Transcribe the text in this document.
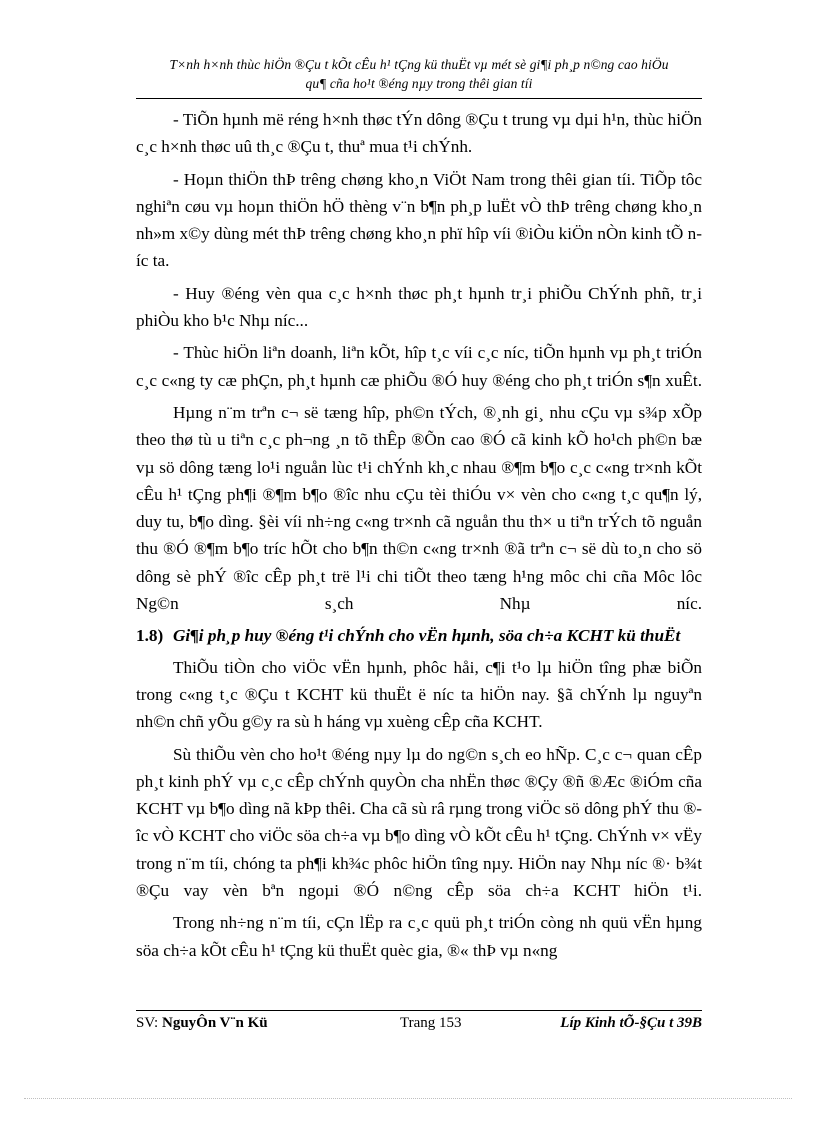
T×nh h×nh thùc hiÖn ®Çu t kÕt cÊu h¹ tÇng kü thuËt vµ mét sè gi¶i ph¸p n©ng cao hiÖu
qu¶ cña ho¹t ®éng nµy trong thêi gian tíi

- TiÕn hµnh më réng h×nh thøc tÝn dông ®Çu t trung vµ dµi h¹n, thùc hiÖn c¸c h×nh thøc uû th¸c ®Çu t, thuª mua t¹i chÝnh.

- Hoµn thiÖn thÞ trêng chøng kho¸n ViÖt Nam trong thêi gian tíi. TiÕp tôc nghiªn cøu vµ hoµn thiÖn hÖ thèng v¨n b¶n ph¸p luËt vÒ thÞ trêng chøng kho¸n nh»m x©y dùng mét thÞ trêng chøng kho¸n phï hîp víi ®iÒu kiÖn nÒn kinh tÕ níc ta.

- Huy ®éng vèn qua c¸c h×nh thøc ph¸t hµnh tr¸i phiÕu ChÝnh phñ, tr¸i phiÒu kho b¹c Nhµ níc...

- Thùc hiÖn liªn doanh, liªn kÕt, hîp t¸c víi c¸c níc, tiÕn hµnh vµ ph¸t triÓn c¸c c«ng ty cæ phÇn, ph¸t hµnh cæ phiÕu ®Ó huy ®éng cho ph¸t triÓn s¶n xuÊt.

Hµng n¨m trªn c¬ së tæng hîp, ph©n tÝch, ®¸nh gi¸ nhu cÇu vµ s¾p xÕp theo thø tù u tiªn c¸c ph¬ng ¸n tõ thÊp ®Õn cao ®Ó cã kinh kÕ ho¹ch ph©n bæ vµ sö dông tæng lo¹i nguån lùc t¹i chÝnh kh¸c nhau ®¶m b¶o c¸c c«ng tr×nh kÕt cÊu h¹ tÇng ph¶i ®¶m b¶o ®îc nhu cÇu tèi thiÓu v× vèn cho c«ng t¸c qu¶n lý, duy tu, b¶o dìng. §èi víi nh÷ng c«ng tr×nh cã nguån thu th× u tiªn trÝch tõ nguån thu ®Ó ®¶m b¶o tríc hÕt cho b¶n th©n c«ng tr×nh ®ã trªn c¬ së dù to¸n cho sö dông sè phÝ ®îc cÊp ph¸t trë l¹i chi tiÕt theo tæng h¹ng môc chi cña Môc lôc Ng©n s¸ch Nhµ níc.

1.8) Gi¶i ph¸p huy ®éng t¹i chÝnh cho vËn hµnh, söa ch÷a KCHT kü thuËt

ThiÕu tiÒn cho viÖc vËn hµnh, phôc håi, c¶i t¹o lµ hiÖn tîng phæ biÕn trong c«ng t¸c ®Çu t KCHT kü thuËt ë níc ta hiÖn nay. §ã chÝnh lµ nguyªn nh©n chñ yÕu g©y ra sù h háng vµ xuèng cÊp cña KCHT.

Sù thiÕu vèn cho ho¹t ®éng nµy lµ do ng©n s¸ch eo hÑp. C¸c c¬ quan cÊp ph¸t kinh phÝ vµ c¸c cÊp chÝnh quyÒn cha nhËn thøc ®Çy ®ñ ®Æc ®iÓm cña KCHT vµ b¶o dìng nã kÞp thêi. Cha cã sù râ rµng trong viÖc sö dông phÝ thu ®îc vÒ KCHT cho viÖc söa ch÷a vµ b¶o dìng vÒ kÕt cÊu h¹ tÇng. ChÝnh v× vËy trong n¨m tíi, chóng ta ph¶i kh¾c phôc hiÖn tîng nµy. HiÖn nay Nhµ níc ®· b¾t ®Çu vay vèn bªn ngoµi ®Ó n©ng cÊp söa ch÷a KCHT hiÖn t¹i.

Trong nh÷ng n¨m tíi, cÇn lËp ra c¸c quü ph¸t triÓn còng nh quü vËn hµng söa ch÷a kÕt cÊu h¹ tÇng kü thuËt quèc gia, ®« thÞ vµ n«ng

SV: NguyÔn V¨n Kü	Trang 153	Líp Kinh tÕ-§Çu t 39B
